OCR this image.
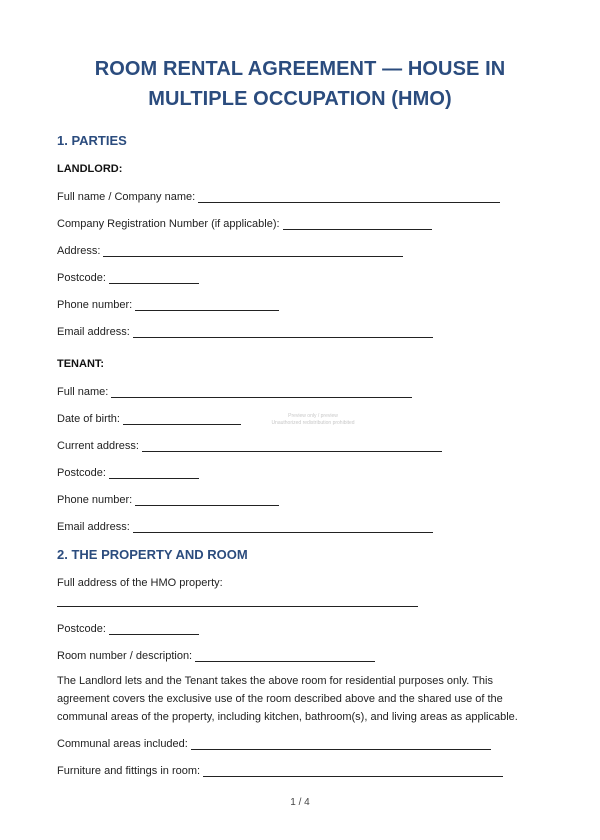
ROOM RENTAL AGREEMENT — HOUSE IN
MULTIPLE OCCUPATION (HMO)
1. PARTIES
LANDLORD:
Full name / Company name:
Company Registration Number (if applicable):
Address:
Postcode:
Phone number:
Email address:
TENANT:
Full name:
Date of birth:
Current address:
Postcode:
Phone number:
Email address:
2. THE PROPERTY AND ROOM
Full address of the HMO property:
Postcode:
Room number / description:
The Landlord lets and the Tenant takes the above room for residential purposes only. This agreement covers the exclusive use of the room described above and the shared use of the communal areas of the property, including kitchen, bathroom(s), and living areas as applicable.
Communal areas included:
Furniture and fittings in room:
Preview only / preview
Unauthorized redistribution prohibited
1 / 4
